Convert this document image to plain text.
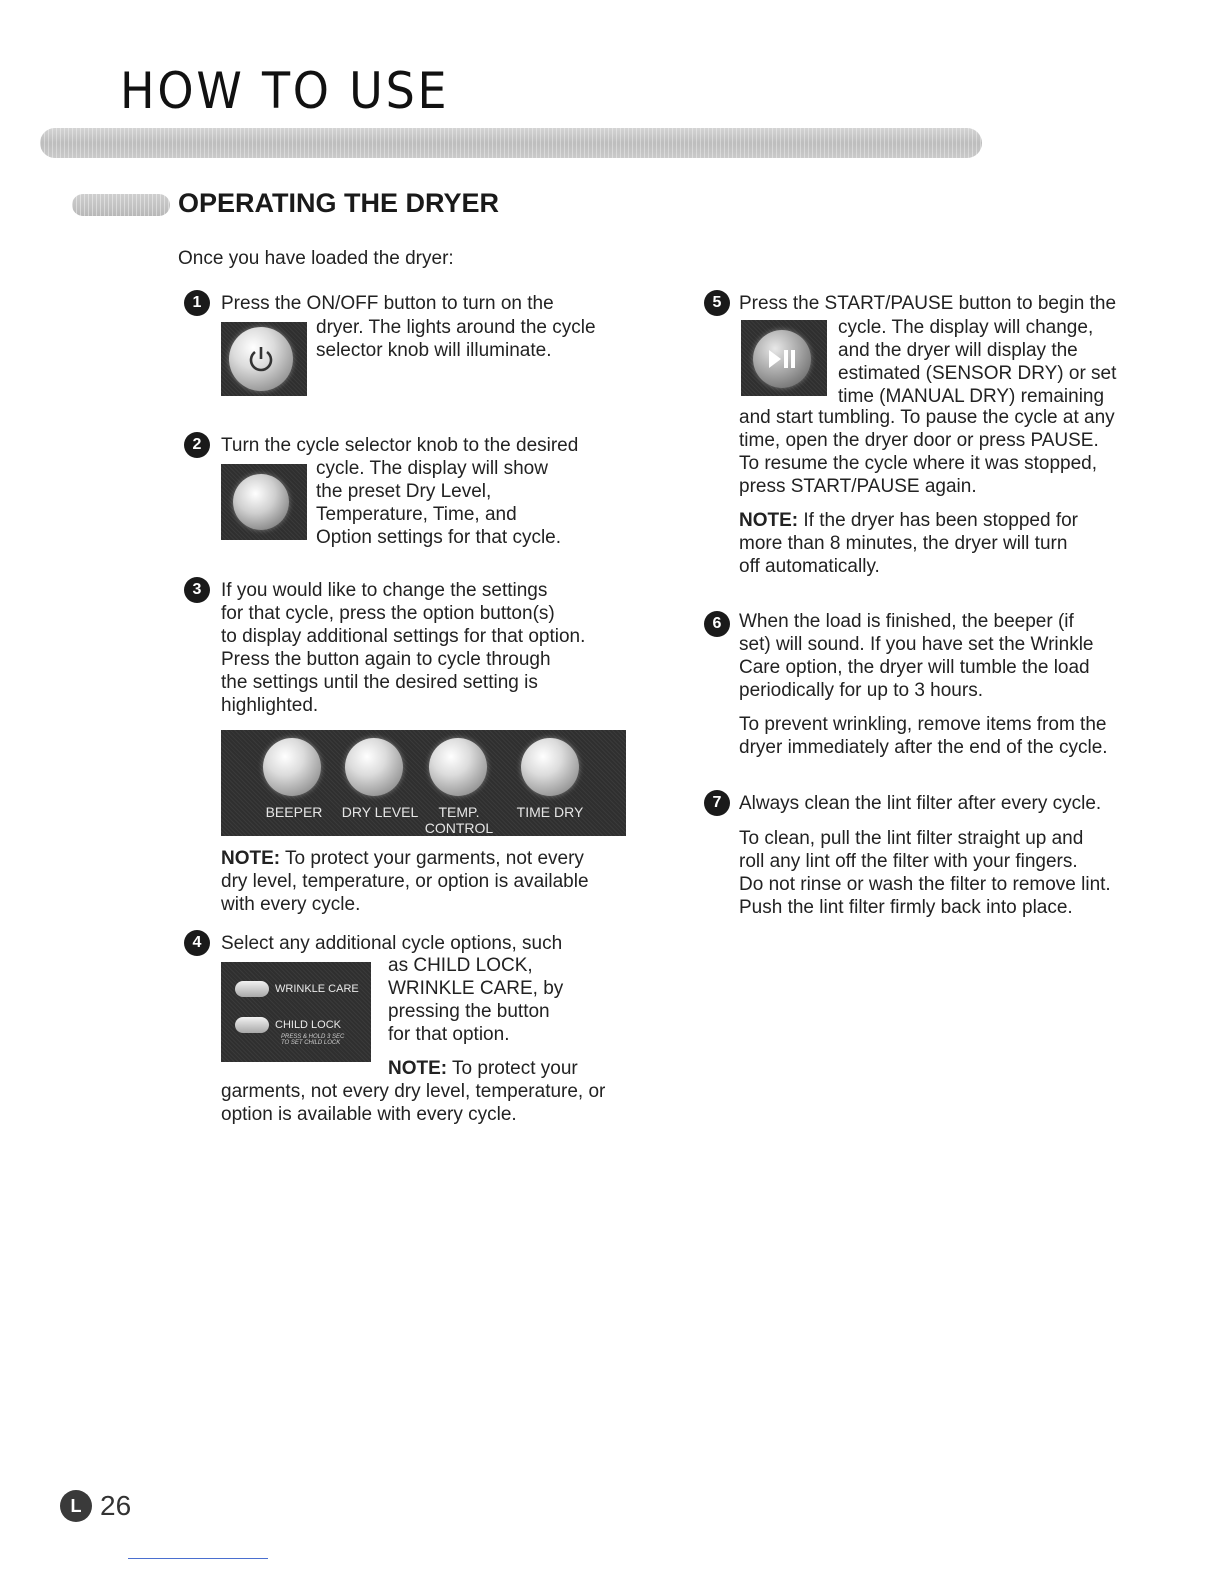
HOW TO USE
OPERATING THE DRYER
Once you have loaded the dryer:
1	Press the ON/OFF button to turn on the

dryer. The lights around the cycle

selector knob will illuminate.

2	Turn the cycle selector knob to the desired

cycle. The display will show

the preset Dry Level,

Temperature, Time, and

Option settings for that cycle.

3	If you would like to change the settings

for that cycle, press the option button(s)

to display additional settings for that option.

Press the button again to cycle through

the settings until the desired setting is

highlighted.

BEEPER	DRY LEVEL	TEMP.
CONTROL
TIME DRY

NOTE: To protect your garments, not every

dry level, temperature, or option is available

with every cycle.

4	Select any additional cycle options, such
WRINKLE CARE
CHILD LOCK
PRESS & HOLD 3 SEC
TO SET CHILD LOCK

as CHILD LOCK,

WRINKLE CARE, by

pressing the button

for that option.

NOTE: To protect your

garments, not every dry level, temperature, or

option is available with every cycle.

5 Press the START/PAUSE button to begin the

cycle. The display will change,

and the dryer will display the

estimated (SENSOR DRY) or set

time (MANUAL DRY) remaining

and start tumbling. To pause the cycle at any

time, open the dryer door or press PAUSE.

To resume the cycle where it was stopped,

press START/PAUSE again.

NOTE: If the dryer has been stopped for

more than 8 minutes, the dryer will turn

off automatically.

6 When the load is finished, the beeper (if

set) will sound. If you have set the Wrinkle

Care option, the dryer will tumble the load

periodically for up to 3 hours.

To prevent wrinkling, remove items from the

dryer immediately after the end of the cycle.

7 Always clean the lint filter after every cycle.

To clean, pull the lint filter straight up and

roll any lint off the filter with your fingers.

Do not rinse or wash the filter to remove lint.

Push the lint filter firmly back into place.

L 26
